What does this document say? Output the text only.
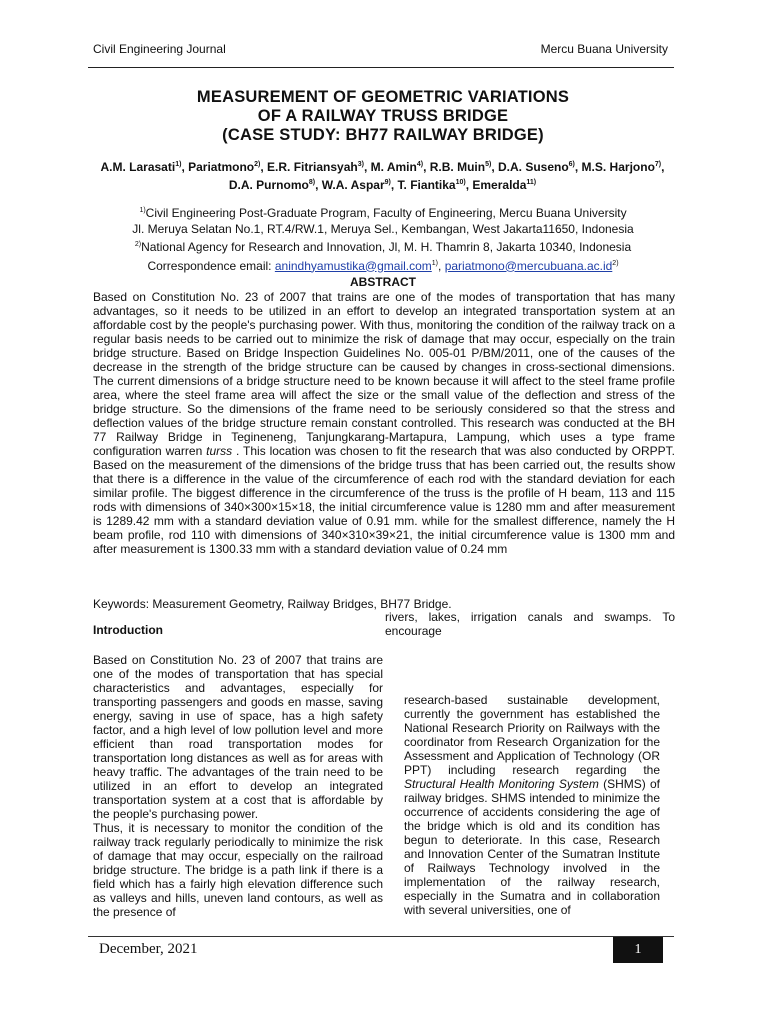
Civil Engineering Journal	Mercu Buana University
MEASUREMENT OF GEOMETRIC VARIATIONS
OF A RAILWAY TRUSS BRIDGE
(CASE STUDY: BH77 RAILWAY BRIDGE)
A.M. Larasati$^{1)}$, Pariatmono$^{2)}$, E.R. Fitriansyah$^{3)}$, M. Amin$^{4)}$, R.B. Muin$^{5)}$, D.A. Suseno$^{6)}$, M.S. Harjono$^{7)}$, D.A. Purnomo$^{8)}$, W.A. Aspar$^{9)}$, T. Fiantika$^{10)}$, Emeralda$^{11)}$
$^{1)}$Civil Engineering Post-Graduate Program, Faculty of Engineering, Mercu Buana University
Jl. Meruya Selatan No.1, RT.4/RW.1, Meruya Sel., Kembangan, West Jakarta11650, Indonesia
$^{2)}$National Agency for Research and Innovation, Jl, M. H. Thamrin 8, Jakarta 10340, Indonesia
Correspondence email: anindhyamustika@gmail.com$^{1)}$, $pariatmono@mercubuana.ac.id^{2)}$
ABSTRACT
Based on Constitution No. 23 of 2007 that trains are one of the modes of transportation that has many advantages, so it needs to be utilized in an effort to develop an integrated transportation system at an affordable cost by the people's purchasing power. With thus, monitoring the condition of the railway track on a regular basis needs to be carried out to minimize the risk of damage that may occur, especially on the train bridge structure. Based on Bridge Inspection Guidelines No. 005-01 P/BM/2011, one of the causes of the decrease in the strength of the bridge structure can be caused by changes in cross-sectional dimensions. The current dimensions of a bridge structure need to be known because it will affect to the steel frame profile area, where the steel frame area will affect the size or the small value of the deflection and stress of the bridge structure. So the dimensions of the frame need to be seriously considered so that the stress and deflection values of the bridge structure remain constant controlled. This research was conducted at the BH 77 Railway Bridge in Tegineneng, Tanjungkarang-Martapura, Lampung, which uses a type frame configuration warren turss . This location was chosen to fit the research that was also conducted by ORPPT. Based on the measurement of the dimensions of the bridge truss that has been carried out, the results show that there is a difference in the value of the circumference of each rod with the standard deviation for each similar profile. The biggest difference in the circumference of the truss is the profile of H beam, 113 and 115 rods with dimensions of 340×300×15×18, the initial circumference value is 1280 mm and after measurement is 1289.42 mm with a standard deviation value of 0.91 mm. while for the smallest difference, namely the H beam profile, rod 110 with dimensions of 340×310×39×21, the initial circumference value is 1300 mm and after measurement is 1300.33 mm with a standard deviation value of 0.24 mm
Keywords: Measurement Geometry, Railway Bridges, BH77 Bridge.

rivers, lakes, irrigation canals and swamps. To encourage

Introduction

Based on Constitution No. 23 of 2007 that trains are one of the modes of transportation that has special characteristics and advantages, especially for transporting passengers and goods en masse, saving energy, saving in use of space, has a high safety factor, and a high level of low pollution level and more efficient than road transportation modes for transportation long distances as well as for areas with heavy traffic. The advantages of the train need to be utilized in an effort to develop an integrated transportation system at a cost that is affordable by the people's purchasing power.

Thus, it is necessary to monitor the condition of the railway track regularly periodically to minimize the risk of damage that may occur, especially on the railroad bridge structure. The bridge is a path link if there is a field which has a fairly high elevation difference such as valleys and hills, uneven land contours, as well as the presence of

research-based sustainable development, currently the government has established the National Research Priority on Railways with the coordinator from Research Organization for the Assessment and Application of Technology (OR PPT) including research regarding the Structural Health Monitoring System (SHMS) of railway bridges. SHMS intended to minimize the occurrence of accidents considering the age of the bridge which is old and its condition has begun to deteriorate. In this case, Research and Innovation Center of the Sumatran Institute of Railways Technology involved in the implementation of the railway research, especially in the Sumatra and in collaboration with several universities, one of

December, 2021	1
